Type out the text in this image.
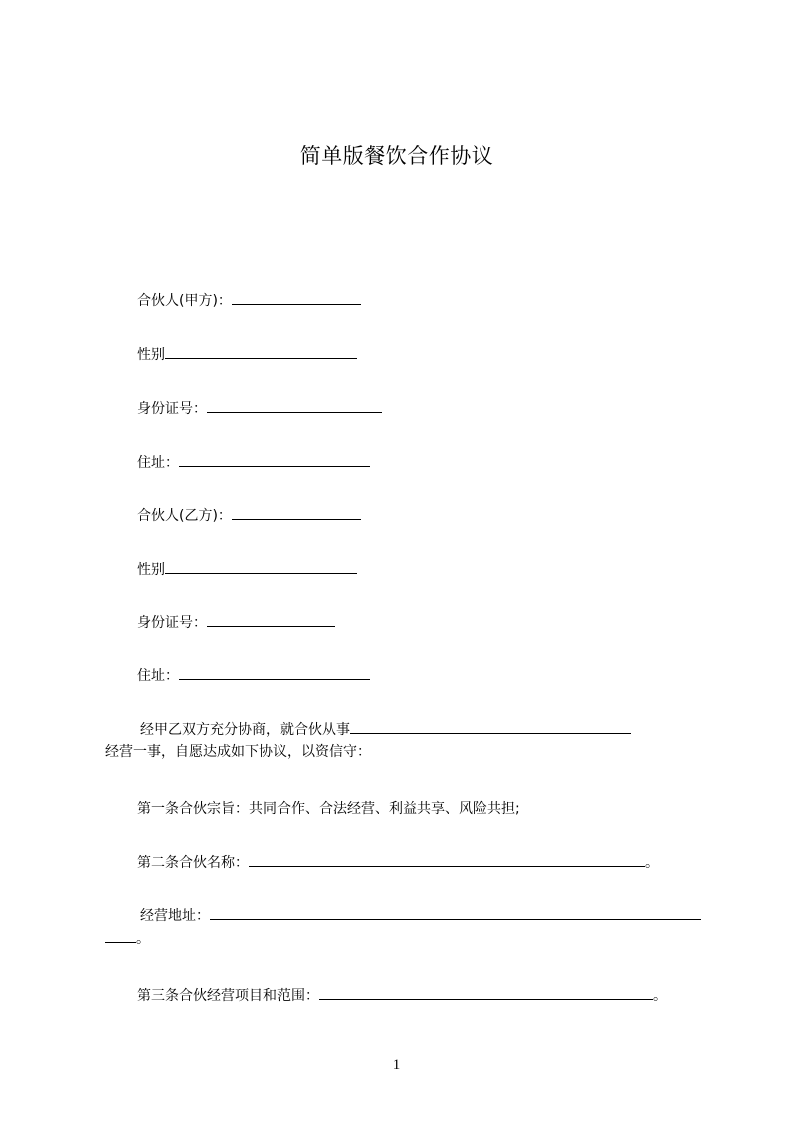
简单版餐饮合作协议
合伙人(甲方)：
性别
身份证号：
住址：
合伙人(乙方)：
性别
身份证号：
住址：
经甲乙双方充分协商，就合伙从事
经营一事，自愿达成如下协议，以资信守：
第一条合伙宗旨：共同合作、合法经营、利益共享、风险共担;
第二条合伙名称：	。
经营地址：
。
第三条合伙经营项目和范围：	。
1
